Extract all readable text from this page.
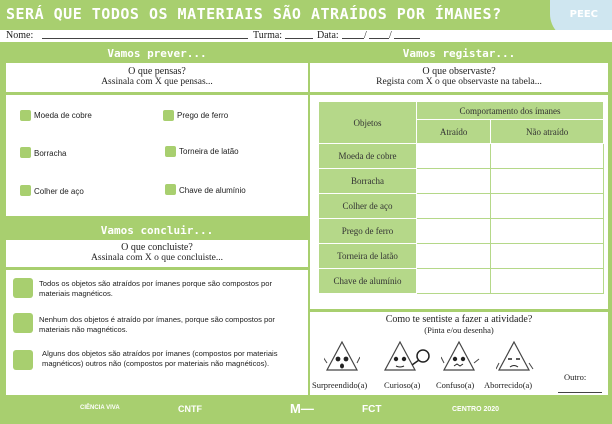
SERÁ QUE TODOS OS MATERIAIS SÃO ATRAÍDOS POR ÍMANES?	PEEC
Nome:	Turma:	Data:	/ /
Vamos prever...
O que pensas?
Assinala com X que pensas...
Moeda de cobre	Prego de ferro
Borracha	Torneira de latão
Colher de aço	Chave de alumínio
Vamos concluir...
O que concluiste?
Assinala com X o que concluiste...
Todos os objetos são atraídos por ímanes porque são compostos por materiais magnéticos.
Nenhum dos objetos é atraído por ímanes, porque são compostos por materiais não magnéticos.
Alguns dos objetos são atraídos por ímanes (compostos por materiais magnéticos) outros não (compostos por materiais não magnéticos).
Vamos registar...
O que observaste?
Regista com X o que observaste na tabela...
Objetos	Comportamento dos ímanes	
	Atraído	Não atraído
Moeda de cobre		
Borracha		
Colher de aço		
Prego de ferro		
Torneira de latão		
Chave de alumínio		
Como te sentiste a fazer a atividade?
(Pinta e/ou desenha)
Surpreendido(a) Curioso(a) Confuso(a) Aborrecido(a)
Outro:
CIÊNCIA VIVA	CNTF	M—	FCT	CENTRO 2020
